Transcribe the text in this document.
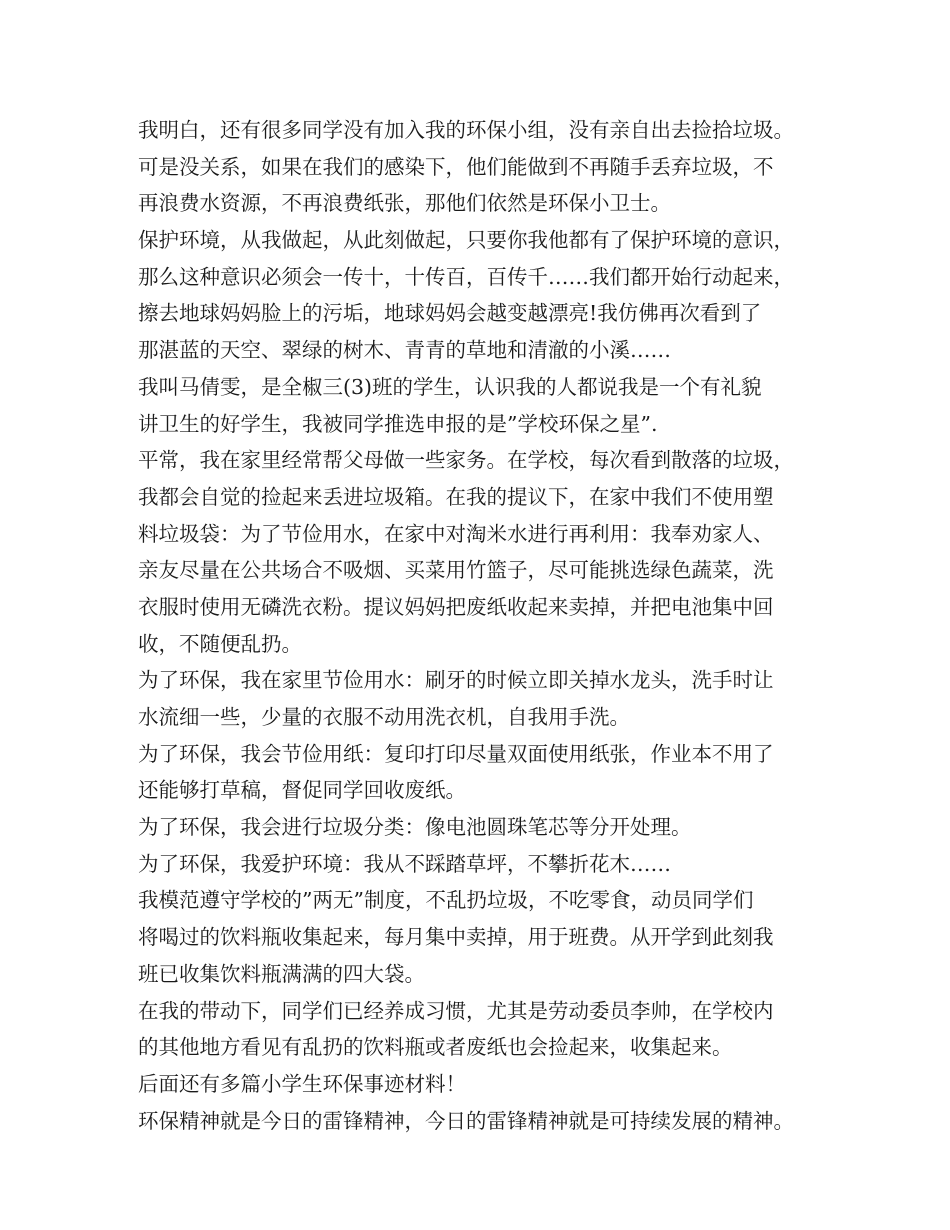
我明白，还有很多同学没有加入我的环保小组，没有亲自出去捡拾垃圾。
可是没关系，如果在我们的感染下，他们能做到不再随手丢弃垃圾，不
再浪费水资源，不再浪费纸张，那他们依然是环保小卫士。
保护环境，从我做起，从此刻做起，只要你我他都有了保护环境的意识，
那么这种意识必须会一传十，十传百，百传千……我们都开始行动起来，
擦去地球妈妈脸上的污垢，地球妈妈会越变越漂亮!我仿佛再次看到了
那湛蓝的天空、翠绿的树木、青青的草地和清澈的小溪……
我叫马倩雯，是全椒三(3)班的学生，认识我的人都说我是一个有礼貌
讲卫生的好学生，我被同学推选申报的是”学校环保之星”.
平常，我在家里经常帮父母做一些家务。在学校，每次看到散落的垃圾，
我都会自觉的捡起来丢进垃圾箱。在我的提议下，在家中我们不使用塑
料垃圾袋：为了节俭用水，在家中对淘米水进行再利用：我奉劝家人、
亲友尽量在公共场合不吸烟、买菜用竹篮子，尽可能挑选绿色蔬菜，洗
衣服时使用无磷洗衣粉。提议妈妈把废纸收起来卖掉，并把电池集中回
收，不随便乱扔。
为了环保，我在家里节俭用水：刷牙的时候立即关掉水龙头，洗手时让
水流细一些，少量的衣服不动用洗衣机，自我用手洗。
为了环保，我会节俭用纸：复印打印尽量双面使用纸张，作业本不用了
还能够打草稿，督促同学回收废纸。
为了环保，我会进行垃圾分类：像电池圆珠笔芯等分开处理。
为了环保，我爱护环境：我从不踩踏草坪，不攀折花木……
我模范遵守学校的”两无”制度，不乱扔垃圾，不吃零食，动员同学们
将喝过的饮料瓶收集起来，每月集中卖掉，用于班费。从开学到此刻我
班已收集饮料瓶满满的四大袋。
在我的带动下，同学们已经养成习惯，尤其是劳动委员李帅，在学校内
的其他地方看见有乱扔的饮料瓶或者废纸也会捡起来，收集起来。
后面还有多篇小学生环保事迹材料！
环保精神就是今日的雷锋精神，今日的雷锋精神就是可持续发展的精神。
